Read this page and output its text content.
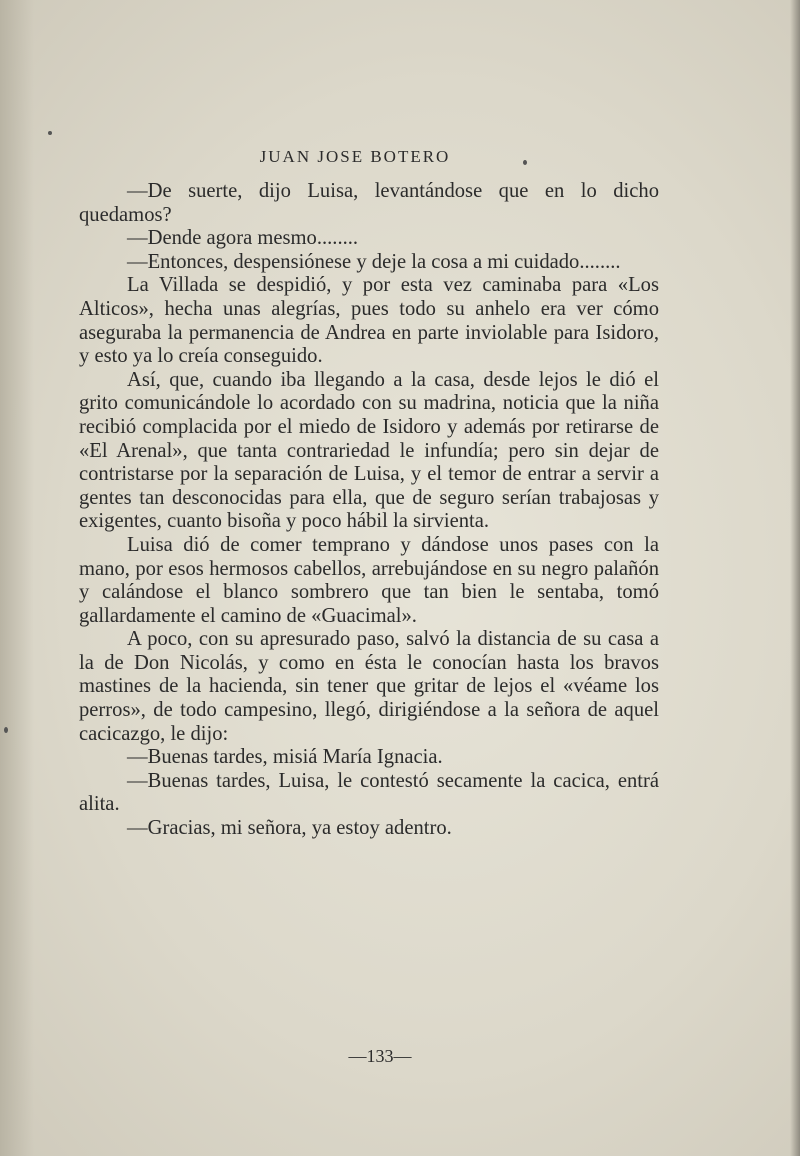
JUAN JOSE BOTERO

—De suerte, dijo Luisa, levantándose que en lo dicho quedamos?

—Dende agora mesmo........

—Entonces, despensiónese y deje la cosa a mi cuidado........

La Villada se despidió, y por esta vez caminaba para «Los Alticos», hecha unas alegrías, pues todo su anhelo era ver cómo aseguraba la permanencia de Andrea en parte inviolable para Isidoro, y esto ya lo creía conseguido.

Así, que, cuando iba llegando a la casa, desde lejos le dió el grito comunicándole lo acordado con su madrina, noticia que la niña recibió complacida por el miedo de Isidoro y además por retirarse de «El Arenal», que tanta contrariedad le infundía; pero sin dejar de contristarse por la separación de Luisa, y el temor de entrar a servir a gentes tan desconocidas para ella, que de seguro serían trabajosas y exigentes, cuanto bisoña y poco hábil la sirvienta.

Luisa dió de comer temprano y dándose unos pases con la mano, por esos hermosos cabellos, arrebujándose en su negro palañón y calándose el blanco sombrero que tan bien le sentaba, tomó gallardamente el camino de «Guacimal».

A poco, con su apresurado paso, salvó la distancia de su casa a la de Don Nicolás, y como en ésta le conocían hasta los bravos mastines de la hacienda, sin tener que gritar de lejos el «véame los perros», de todo campesino, llegó, dirigiéndose a la señora de aquel cacicazgo, le dijo:

—Buenas tardes, misiá María Ignacia.

—Buenas tardes, Luisa, le contestó secamente la cacica, entrá alita.

—Gracias, mi señora, ya estoy adentro.

—133—
